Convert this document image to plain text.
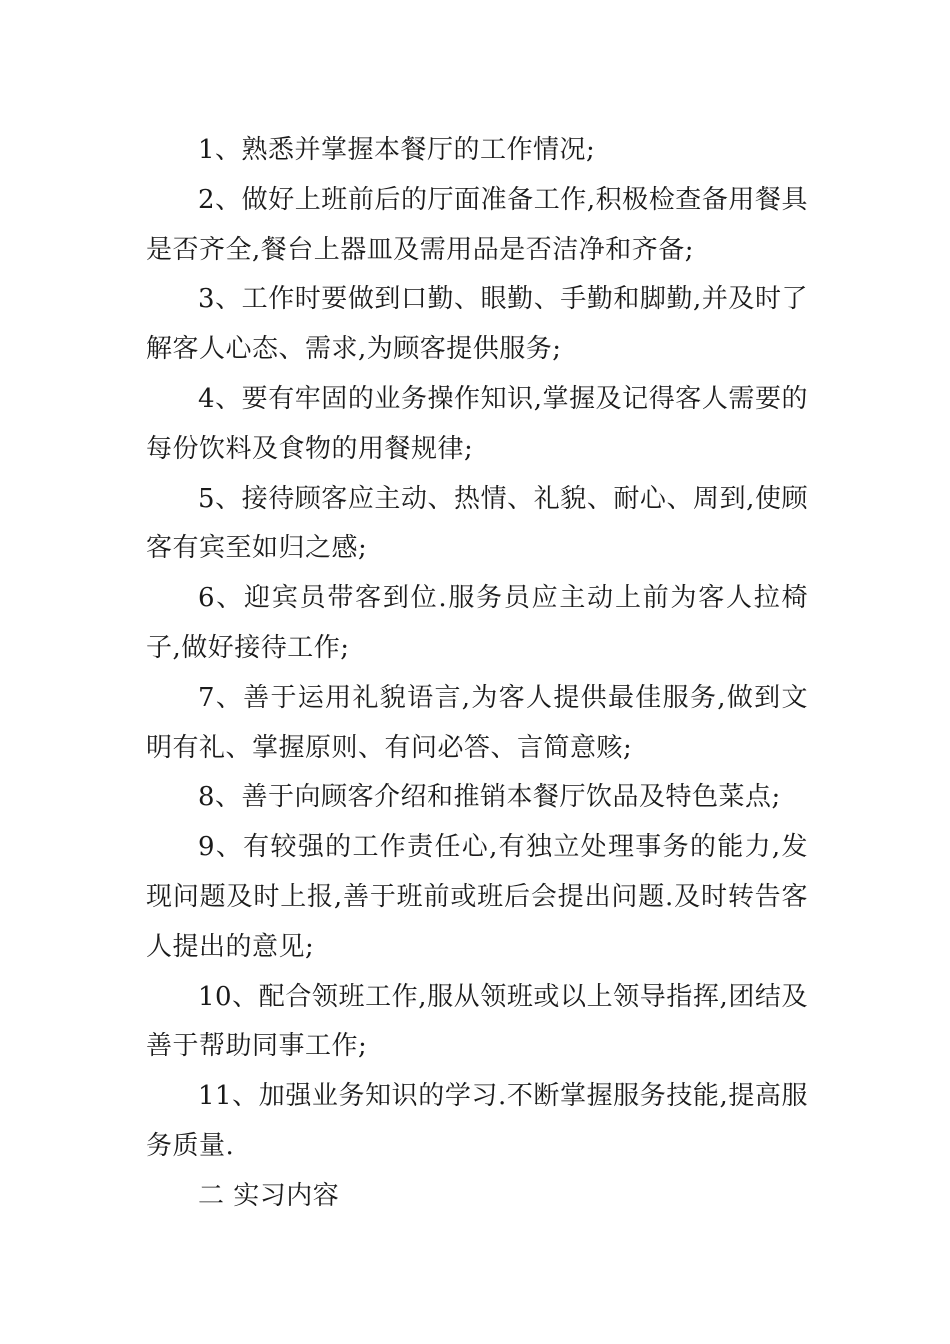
1、熟悉并掌握本餐厅的工作情况;

2、做好上班前后的厅面准备工作,积极检查备用餐具是否齐全,餐台上器皿及需用品是否洁净和齐备;

3、工作时要做到口勤、眼勤、手勤和脚勤,并及时了解客人心态、需求,为顾客提供服务;

4、要有牢固的业务操作知识,掌握及记得客人需要的每份饮料及食物的用餐规律;

5、接待顾客应主动、热情、礼貌、耐心、周到,使顾客有宾至如归之感;

6、迎宾员带客到位.服务员应主动上前为客人拉椅子,做好接待工作;

7、善于运用礼貌语言,为客人提供最佳服务,做到文明有礼、掌握原则、有问必答、言简意赅;

8、善于向顾客介绍和推销本餐厅饮品及特色菜点;

9、有较强的工作责任心,有独立处理事务的能力,发现问题及时上报,善于班前或班后会提出问题.及时转告客人提出的意见;

10、配合领班工作,服从领班或以上领导指挥,团结及善于帮助同事工作;

11、加强业务知识的学习.不断掌握服务技能,提高服务质量.

二 实习内容
